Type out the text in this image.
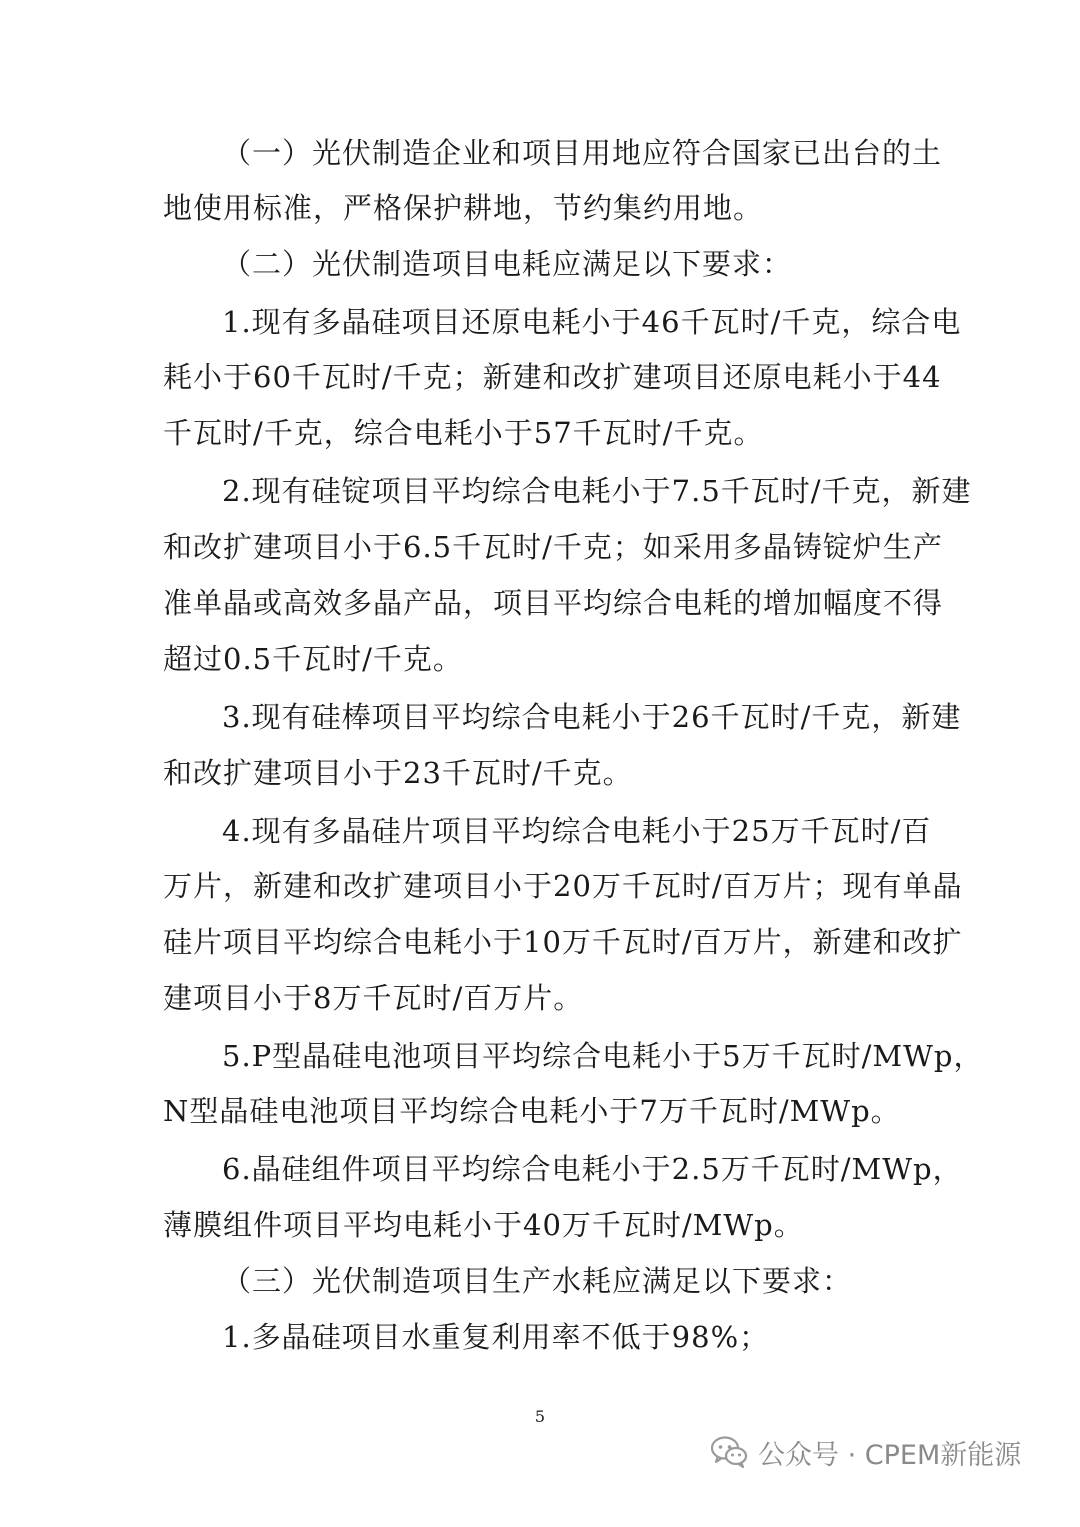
（一）光伏制造企业和项目用地应符合国家已出台的土
地使用标准，严格保护耕地，节约集约用地。
（二）光伏制造项目电耗应满足以下要求：
1.现有多晶硅项目还原电耗小于46千瓦时/千克，综合电
耗小于60千瓦时/千克；新建和改扩建项目还原电耗小于44
千瓦时/千克，综合电耗小于57千瓦时/千克。
2.现有硅锭项目平均综合电耗小于7.5千瓦时/千克，新建
和改扩建项目小于6.5千瓦时/千克；如采用多晶铸锭炉生产
准单晶或高效多晶产品，项目平均综合电耗的增加幅度不得
超过0.5千瓦时/千克。
3.现有硅棒项目平均综合电耗小于26千瓦时/千克，新建
和改扩建项目小于23千瓦时/千克。
4.现有多晶硅片项目平均综合电耗小于25万千瓦时/百
万片，新建和改扩建项目小于20万千瓦时/百万片；现有单晶
硅片项目平均综合电耗小于10万千瓦时/百万片，新建和改扩
建项目小于8万千瓦时/百万片。
5.P型晶硅电池项目平均综合电耗小于5万千瓦时/MWp，
N型晶硅电池项目平均综合电耗小于7万千瓦时/MWp。
6.晶硅组件项目平均综合电耗小于2.5万千瓦时/MWp，
薄膜组件项目平均电耗小于40万千瓦时/MWp。
（三）光伏制造项目生产水耗应满足以下要求：
1.多晶硅项目水重复利用率不低于98%；
5
公众号 · CPEM新能源
